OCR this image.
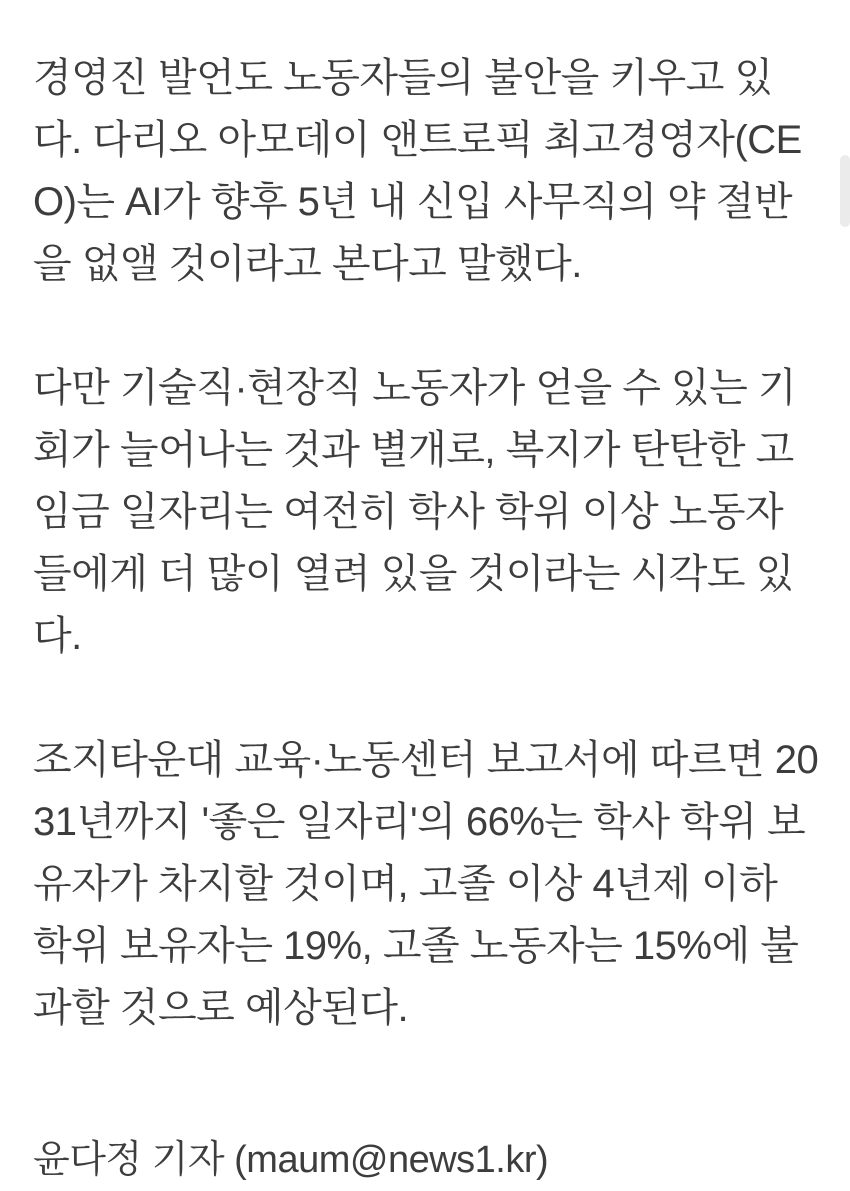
경영진 발언도 노동자들의 불안을 키우고 있다. 다리오 아모데이 앤트로픽 최고경영자(CEO)는 AI가 향후 5년 내 신입 사무직의 약 절반을 없앨 것이라고 본다고 말했다.

다만 기술직·현장직 노동자가 얻을 수 있는 기회가 늘어나는 것과 별개로, 복지가 탄탄한 고임금 일자리는 여전히 학사 학위 이상 노동자들에게 더 많이 열려 있을 것이라는 시각도 있다.

조지타운대 교육·노동센터 보고서에 따르면 2031년까지 '좋은 일자리'의 66%는 학사 학위 보유자가 차지할 것이며, 고졸 이상 4년제 이하 학위 보유자는 19%, 고졸 노동자는 15%에 불과할 것으로 예상된다.

윤다정 기자 (maum@news1.kr)
